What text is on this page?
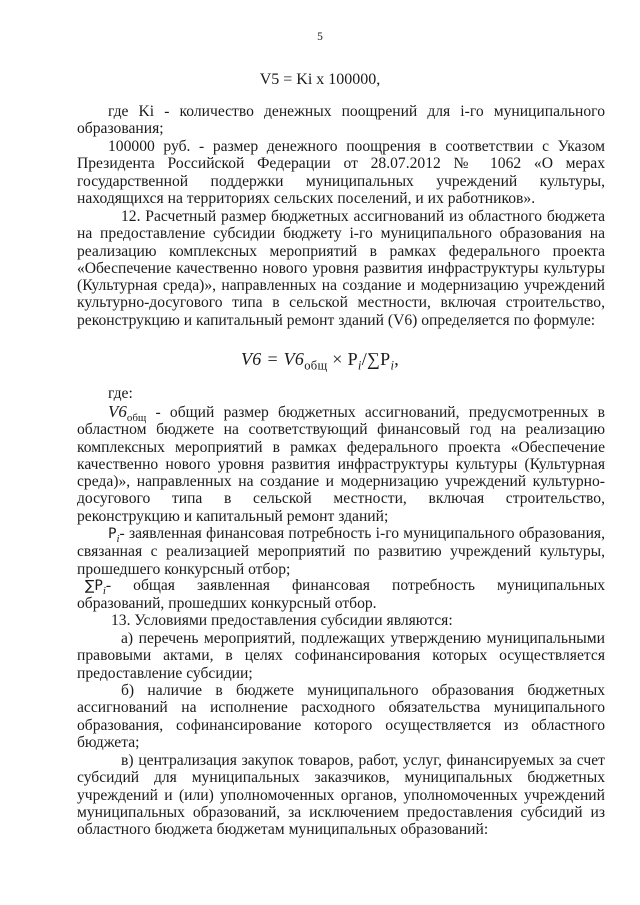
5
V5 = Ki x 100000,

где Ki - количество денежных поощрений для i-го муниципального образования;

100000 руб. - размер денежного поощрения в соответствии с Указом Президента Российской Федерации от 28.07.2012 № 1062 «О мерах государственной поддержки муниципальных учреждений культуры, находящихся на территориях сельских поселений, и их работников».

12. Расчетный размер бюджетных ассигнований из областного бюджета на предоставление субсидии бюджету i-го муниципального образования на реализацию комплексных мероприятий в рамках федерального проекта «Обеспечение качественно нового уровня развития инфраструктуры культуры (Культурная среда)», направленных на создание и модернизацию учреждений культурно-досугового типа в сельской местности, включая строительство, реконструкцию и капитальный ремонт зданий (V6) определяется по формуле:

$V6 = V6_{общ} \times P_i/\sum P_i$,

где:

$V6_{общ}$ - общий размер бюджетных ассигнований, предусмотренных в областном бюджете на соответствующий финансовый год на реализацию комплексных мероприятий в рамках федерального проекта «Обеспечение качественно нового уровня развития инфраструктуры культуры (Культурная среда)», направленных на создание и модернизацию учреждений культурно-досугового типа в сельской местности, включая строительство, реконструкцию и капитальный ремонт зданий;

$P_i-$ заявленная финансовая потребность i-го муниципального образования, связанная с реализацией мероприятий по развитию учреждений культуры, прошедшего конкурсный отбор;

$\sum P_i-$ общая заявленная финансовая потребность муниципальных образований, прошедших конкурсный отбор.

13. Условиями предоставления субсидии являются:

а) перечень мероприятий, подлежащих утверждению муниципальными правовыми актами, в целях софинансирования которых осуществляется предоставление субсидии;

б) наличие в бюджете муниципального образования бюджетных ассигнований на исполнение расходного обязательства муниципального образования, софинансирование которого осуществляется из областного бюджета;

в) централизация закупок товаров, работ, услуг, финансируемых за счет субсидий для муниципальных заказчиков, муниципальных бюджетных учреждений и (или) уполномоченных органов, уполномоченных учреждений муниципальных образований, за исключением предоставления субсидий из областного бюджета бюджетам муниципальных образований:
